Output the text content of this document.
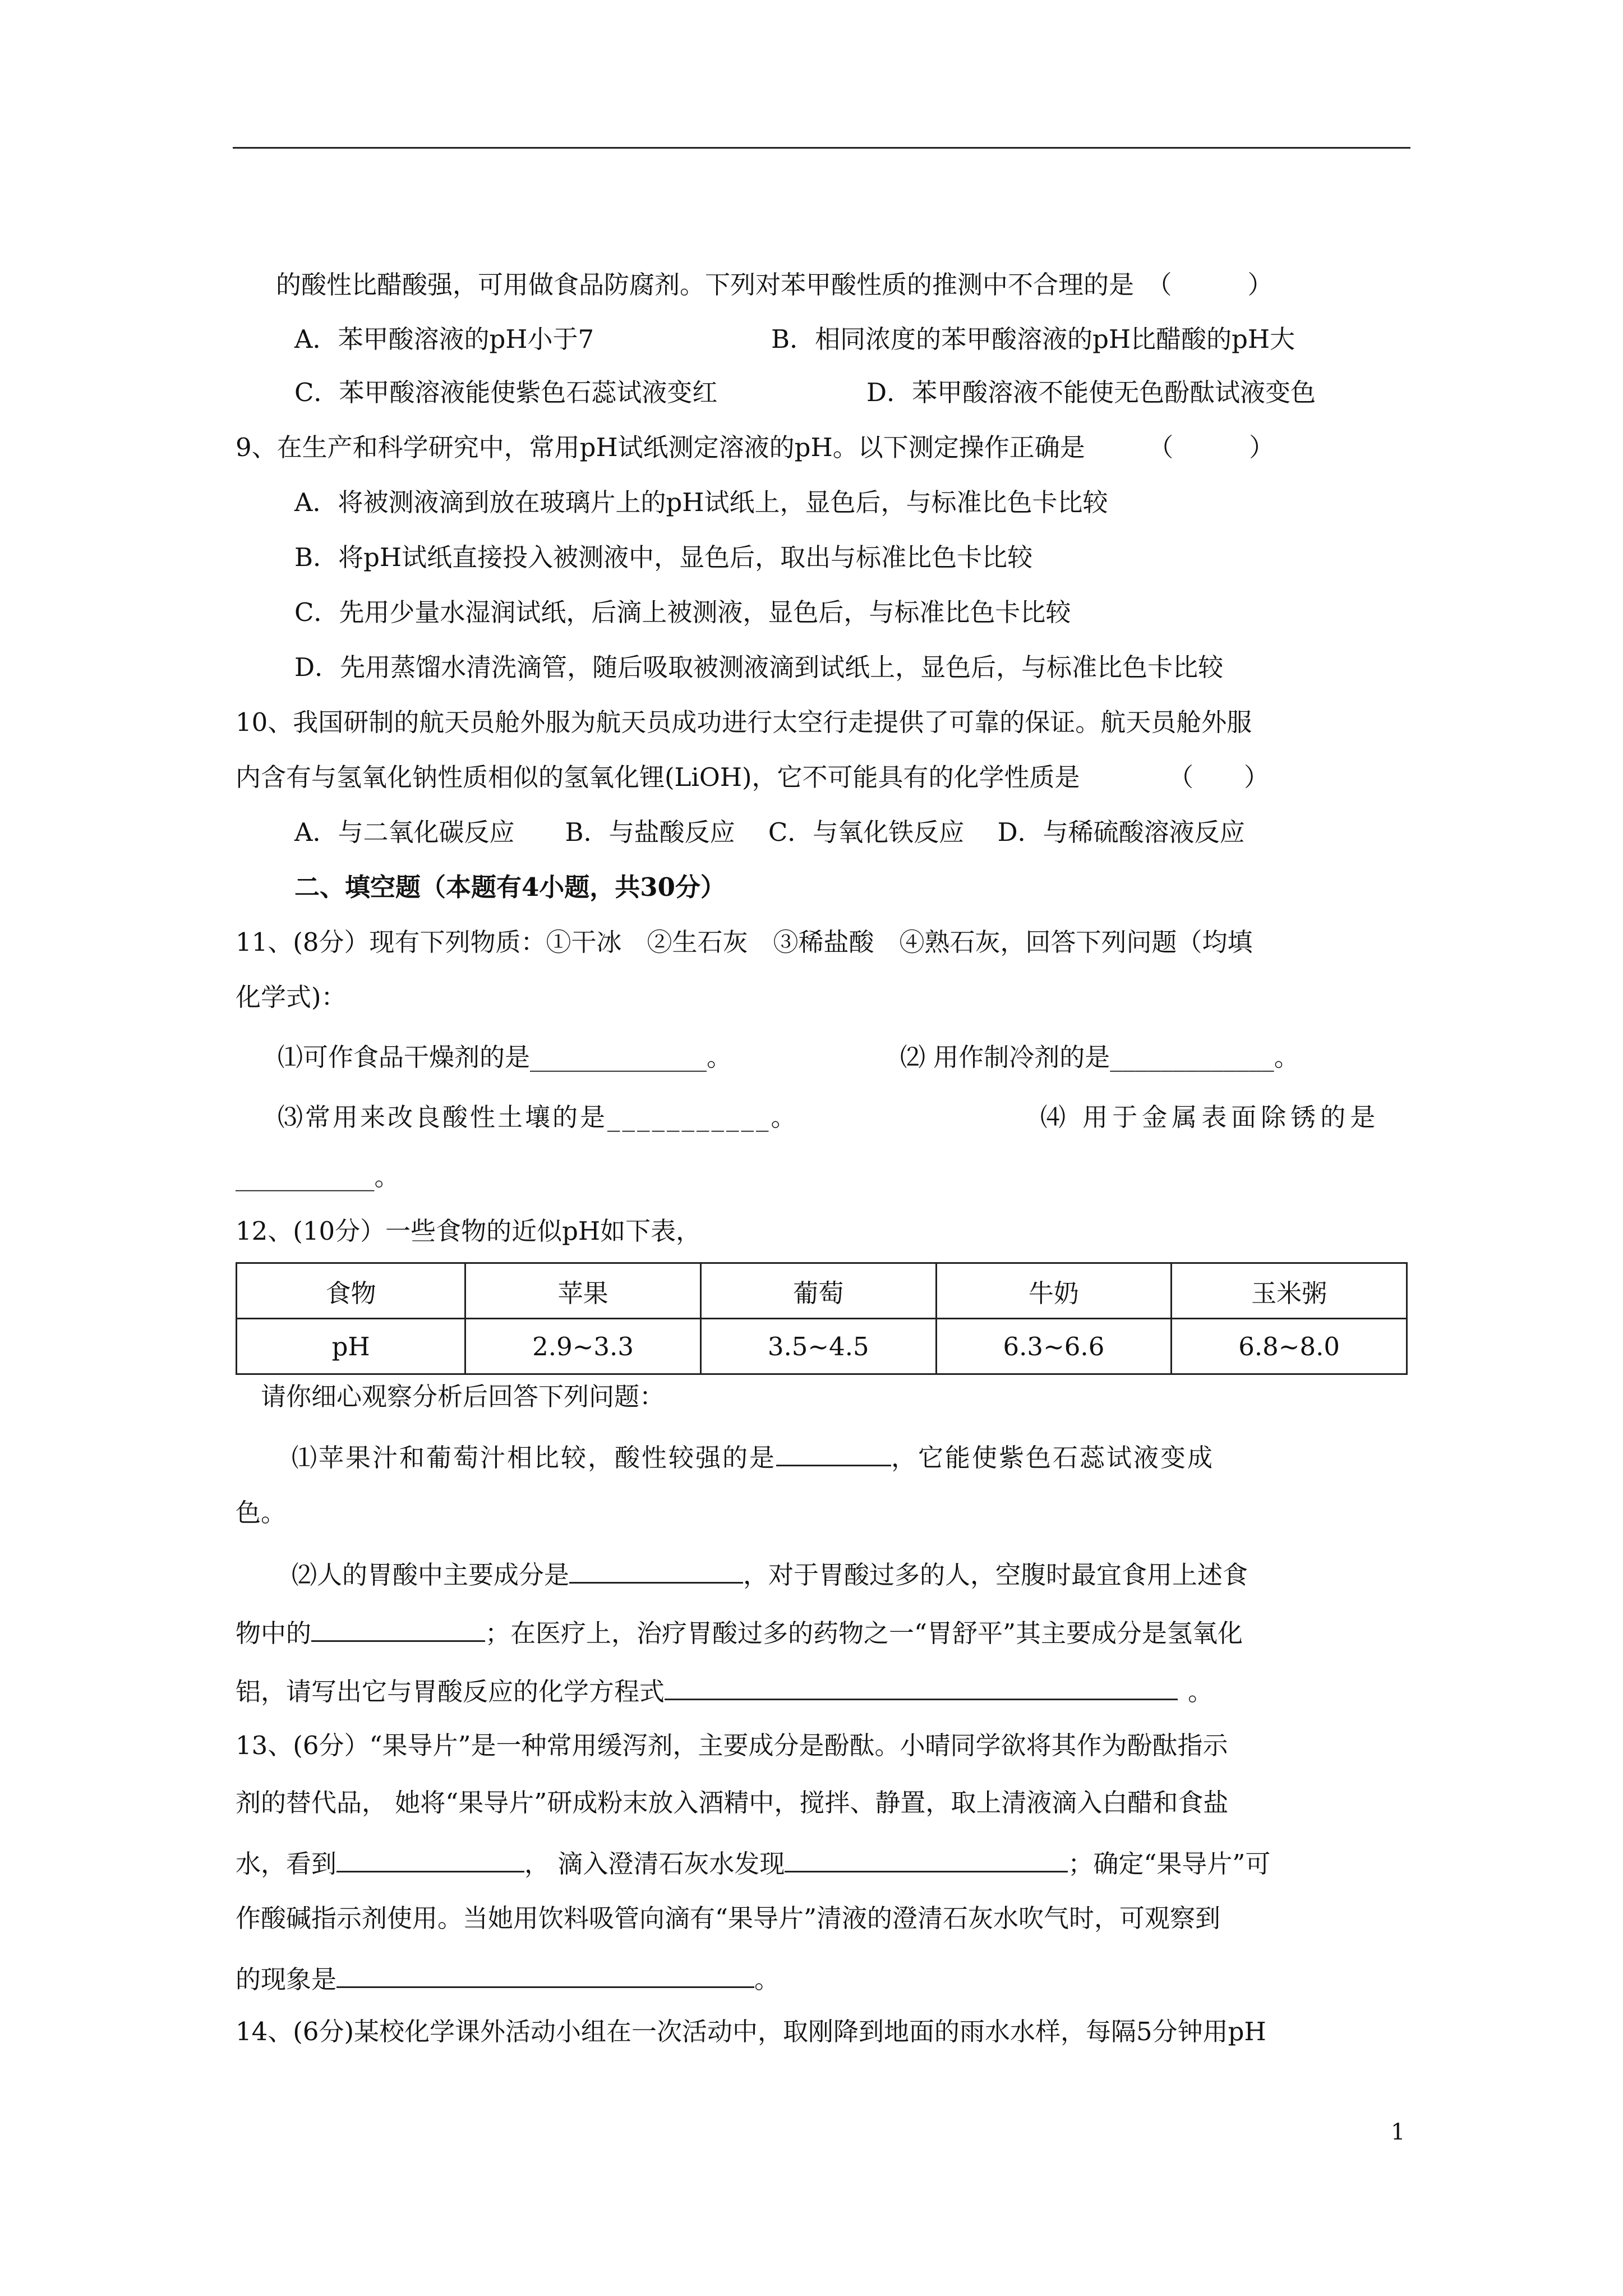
的酸性比醋酸强，可用做食品防腐剂。下列对苯甲酸性质的推测中不合理的是　（　　　）
A．苯甲酸溶液的pH小于7	B．相同浓度的苯甲酸溶液的pH比醋酸的pH大
C．苯甲酸溶液能使紫色石蕊试液变红	D．苯甲酸溶液不能使无色酚酞试液变色
9、在生产和科学研究中，常用pH试纸测定溶液的pH。以下测定操作正确是　　　（　　　）
A．将被测液滴到放在玻璃片上的pH试纸上，显色后，与标准比色卡比较
B．将pH试纸直接投入被测液中，显色后，取出与标准比色卡比较
C．先用少量水湿润试纸，后滴上被测液，显色后，与标准比色卡比较
D．先用蒸馏水清洗滴管，随后吸取被测液滴到试纸上，显色后，与标准比色卡比较
10、我国研制的航天员舱外服为航天员成功进行太空行走提供了可靠的保证。航天员舱外服
内含有与氢氧化钠性质相似的氢氧化锂(LiOH)，它不可能具有的化学性质是　　　　（　　）
A．与二氧化碳反应　　B．与盐酸反应　 C．与氧化铁反应　 D．与稀硫酸溶液反应
二、填空题（本题有4小题，共30分）
11、(8分）现有下列物质：①干冰　②生石灰　③稀盐酸　④熟石灰，回答下列问题（均填
化学式)：
⑴可作食品干燥剂的是______________。	⑵ 用作制冷剂的是_____________。
⑶常用来改良酸性土壤的是___________。	⑷ 用于金属表面除锈的是
___________。
12、(10分）一些食物的近似pH如下表，
食物	苹果	葡萄	牛奶	玉米粥
pH	2.9~3.3	3.5~4.5	6.3~6.6	6.8~8.0
请你细心观察分析后回答下列问题：
⑴苹果汁和葡萄汁相比较，酸性较强的是	，它能使紫色石蕊试液变成
色。
⑵人的胃酸中主要成分是	，对于胃酸过多的人，空腹时最宜食用上述食
物中的	；在医疗上，治疗胃酸过多的药物之一“胃舒平”其主要成分是氢氧化
铝，请写出它与胃酸反应的化学方程式	。
13、(6分）“果导片”是一种常用缓泻剂，主要成分是酚酞。小晴同学欲将其作为酚酞指示
剂的替代品， 她将“果导片”研成粉末放入酒精中，搅拌、静置，取上清液滴入白醋和食盐
水，看到	， 滴入澄清石灰水发现	；确定“果导片”可
作酸碱指示剂使用。当她用饮料吸管向滴有“果导片”清液的澄清石灰水吹气时，可观察到
的现象是	。
14、(6分)某校化学课外活动小组在一次活动中，取刚降到地面的雨水水样，每隔5分钟用pH
1
